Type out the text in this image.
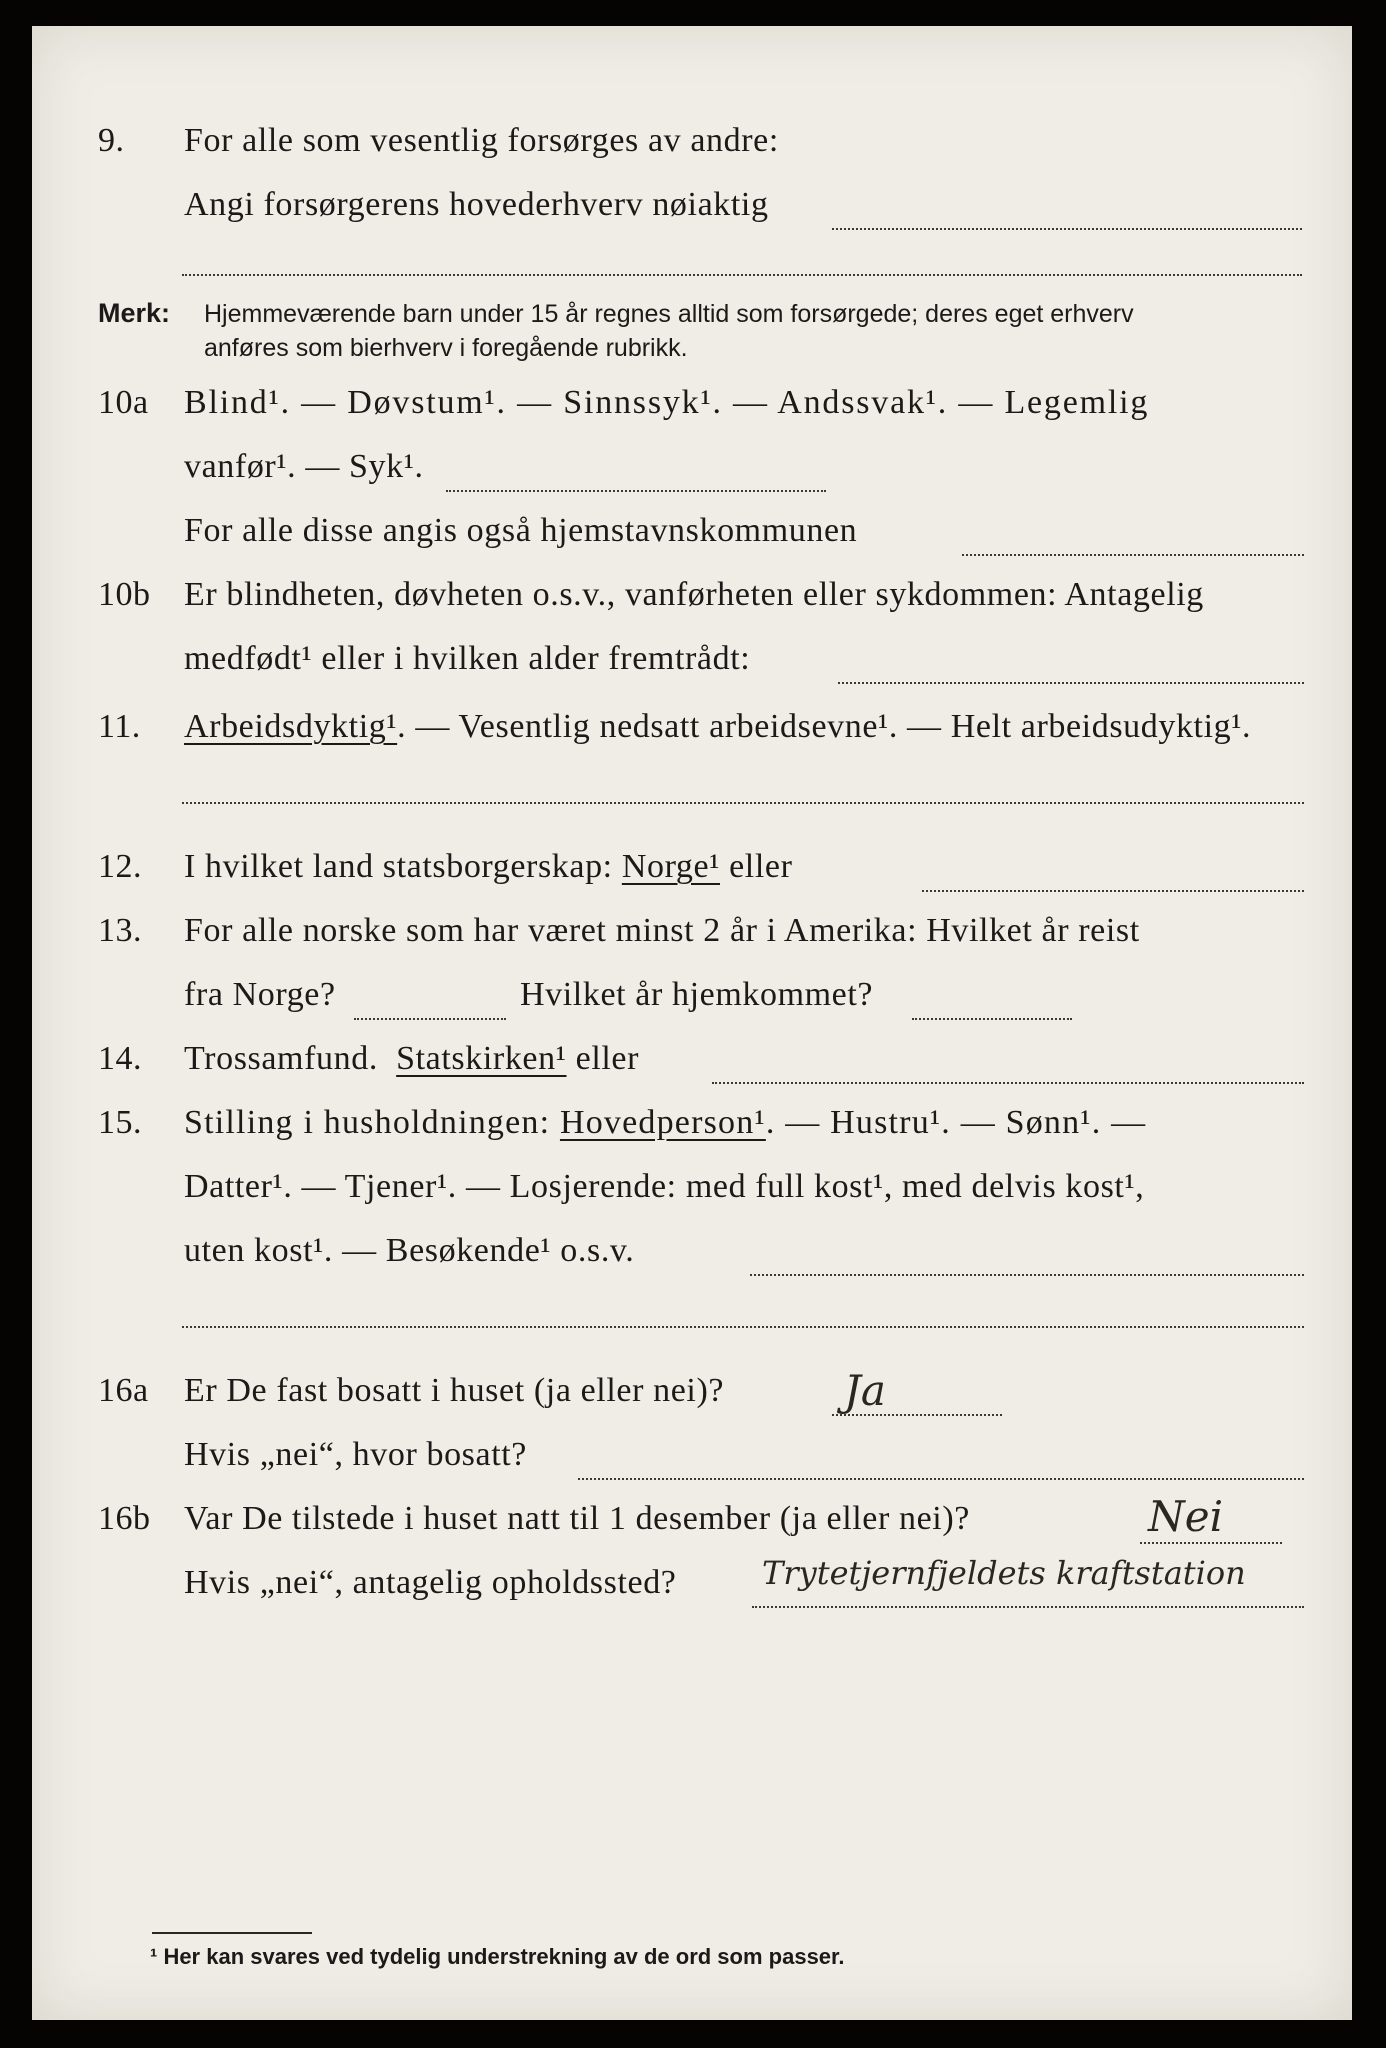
9. For alle som vesentlig forsørges av andre:
Angi forsørgerens hovederhverv nøiaktig
Merk: Hjemmeværende barn under 15 år regnes alltid som forsørgede; deres eget erhverv
anføres som bierhverv i foregående rubrikk.
10a Blind¹. — Døvstum¹. — Sinnssyk¹. — Andssvak¹. — Legemlig
vanfør¹. — Syk¹.
For alle disse angis også hjemstavnskommunen
10b Er blindheten, døvheten o.s.v., vanførheten eller sykdommen: Antagelig
medfødt¹ eller i hvilken alder fremtrådt:
11. Arbeidsdyktig¹. — Vesentlig nedsatt arbeidsevne¹. — Helt arbeidsudyktig¹.
12. I hvilket land statsborgerskap: Norge¹ eller
13. For alle norske som har været minst 2 år i Amerika: Hvilket år reist
fra Norge?	Hvilket år hjemkommet?
14. Trossamfund. Statskirken¹ eller
15. Stilling i husholdningen: Hovedperson¹. — Hustru¹. — Sønn¹. —
Datter¹. — Tjener¹. — Losjerende: med full kost¹, med delvis kost¹,
uten kost¹. — Besøkende¹ o.s.v.
16a Er De fast bosatt i huset (ja eller nei)?	Ja
Hvis „nei“, hvor bosatt?
16b Var De tilstede i huset natt til 1 desember (ja eller nei)?	Nei
Hvis „nei“, antagelig opholdssted?	Trytetjernfjeldets kraftstation
¹ Her kan svares ved tydelig understrekning av de ord som passer.
